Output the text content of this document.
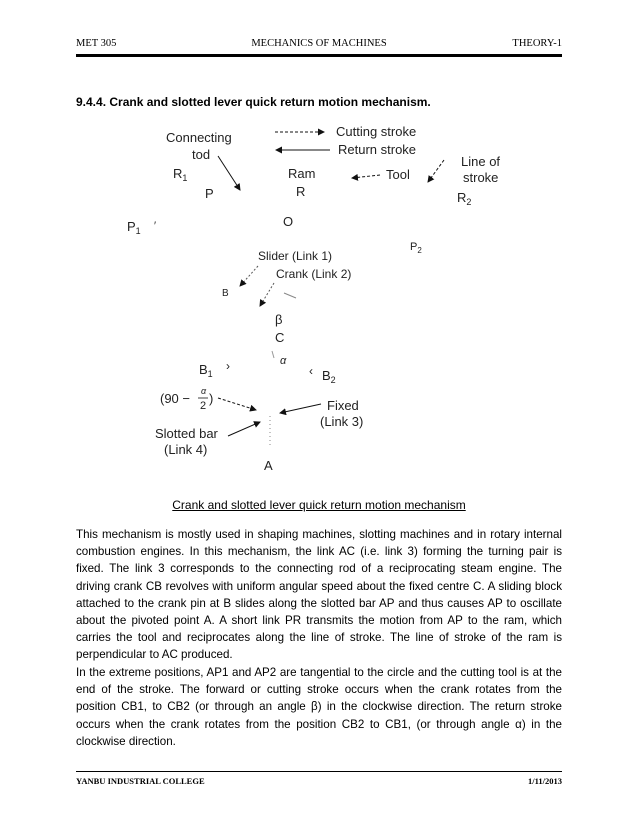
MET 305	MECHANICS OF MACHINES	THEORY-1
9.4.4. Crank and slotted lever quick return motion mechanism.
Connecting
tod
$R_1$
P
Cutting stroke
Return stroke
Ram
R
Tool
Line of
stroke
$R_2$
$P_1$ ′	O
$P_2$
Slider (Link 1)
Crank (Link 2)
B
β
C
α
$B_1$
›	‹ $B_2$
(90 − α
2 )	Fixed
(Link 3)
Slotted bar
(Link 4)
A
Crank and slotted lever quick return motion mechanism
This mechanism is mostly used in shaping machines, slotting machines and in rotary internal combustion engines. In this mechanism, the link AC (i.e. link 3) forming the turning pair is fixed. The link 3 corresponds to the connecting rod of a reciprocating steam engine. The driving crank CB revolves with uniform angular speed about the fixed centre C. A sliding block attached to the crank pin at B slides along the slotted bar AP and thus causes AP to oscillate about the pivoted point A. A short link PR transmits the motion from AP to the ram, which carries the tool and reciprocates along the line of stroke. The line of stroke of the ram is perpendicular to AC produced.
In the extreme positions, AP1 and AP2 are tangential to the circle and the cutting tool is at the end of the stroke. The forward or cutting stroke occurs when the crank rotates from the position CB1, to CB2 (or through an angle β) in the clockwise direction. The return stroke occurs when the crank rotates from the position CB2 to CB1, (or through angle α) in the clockwise direction.
YANBU INDUSTRIAL COLLEGE	1/11/2013
